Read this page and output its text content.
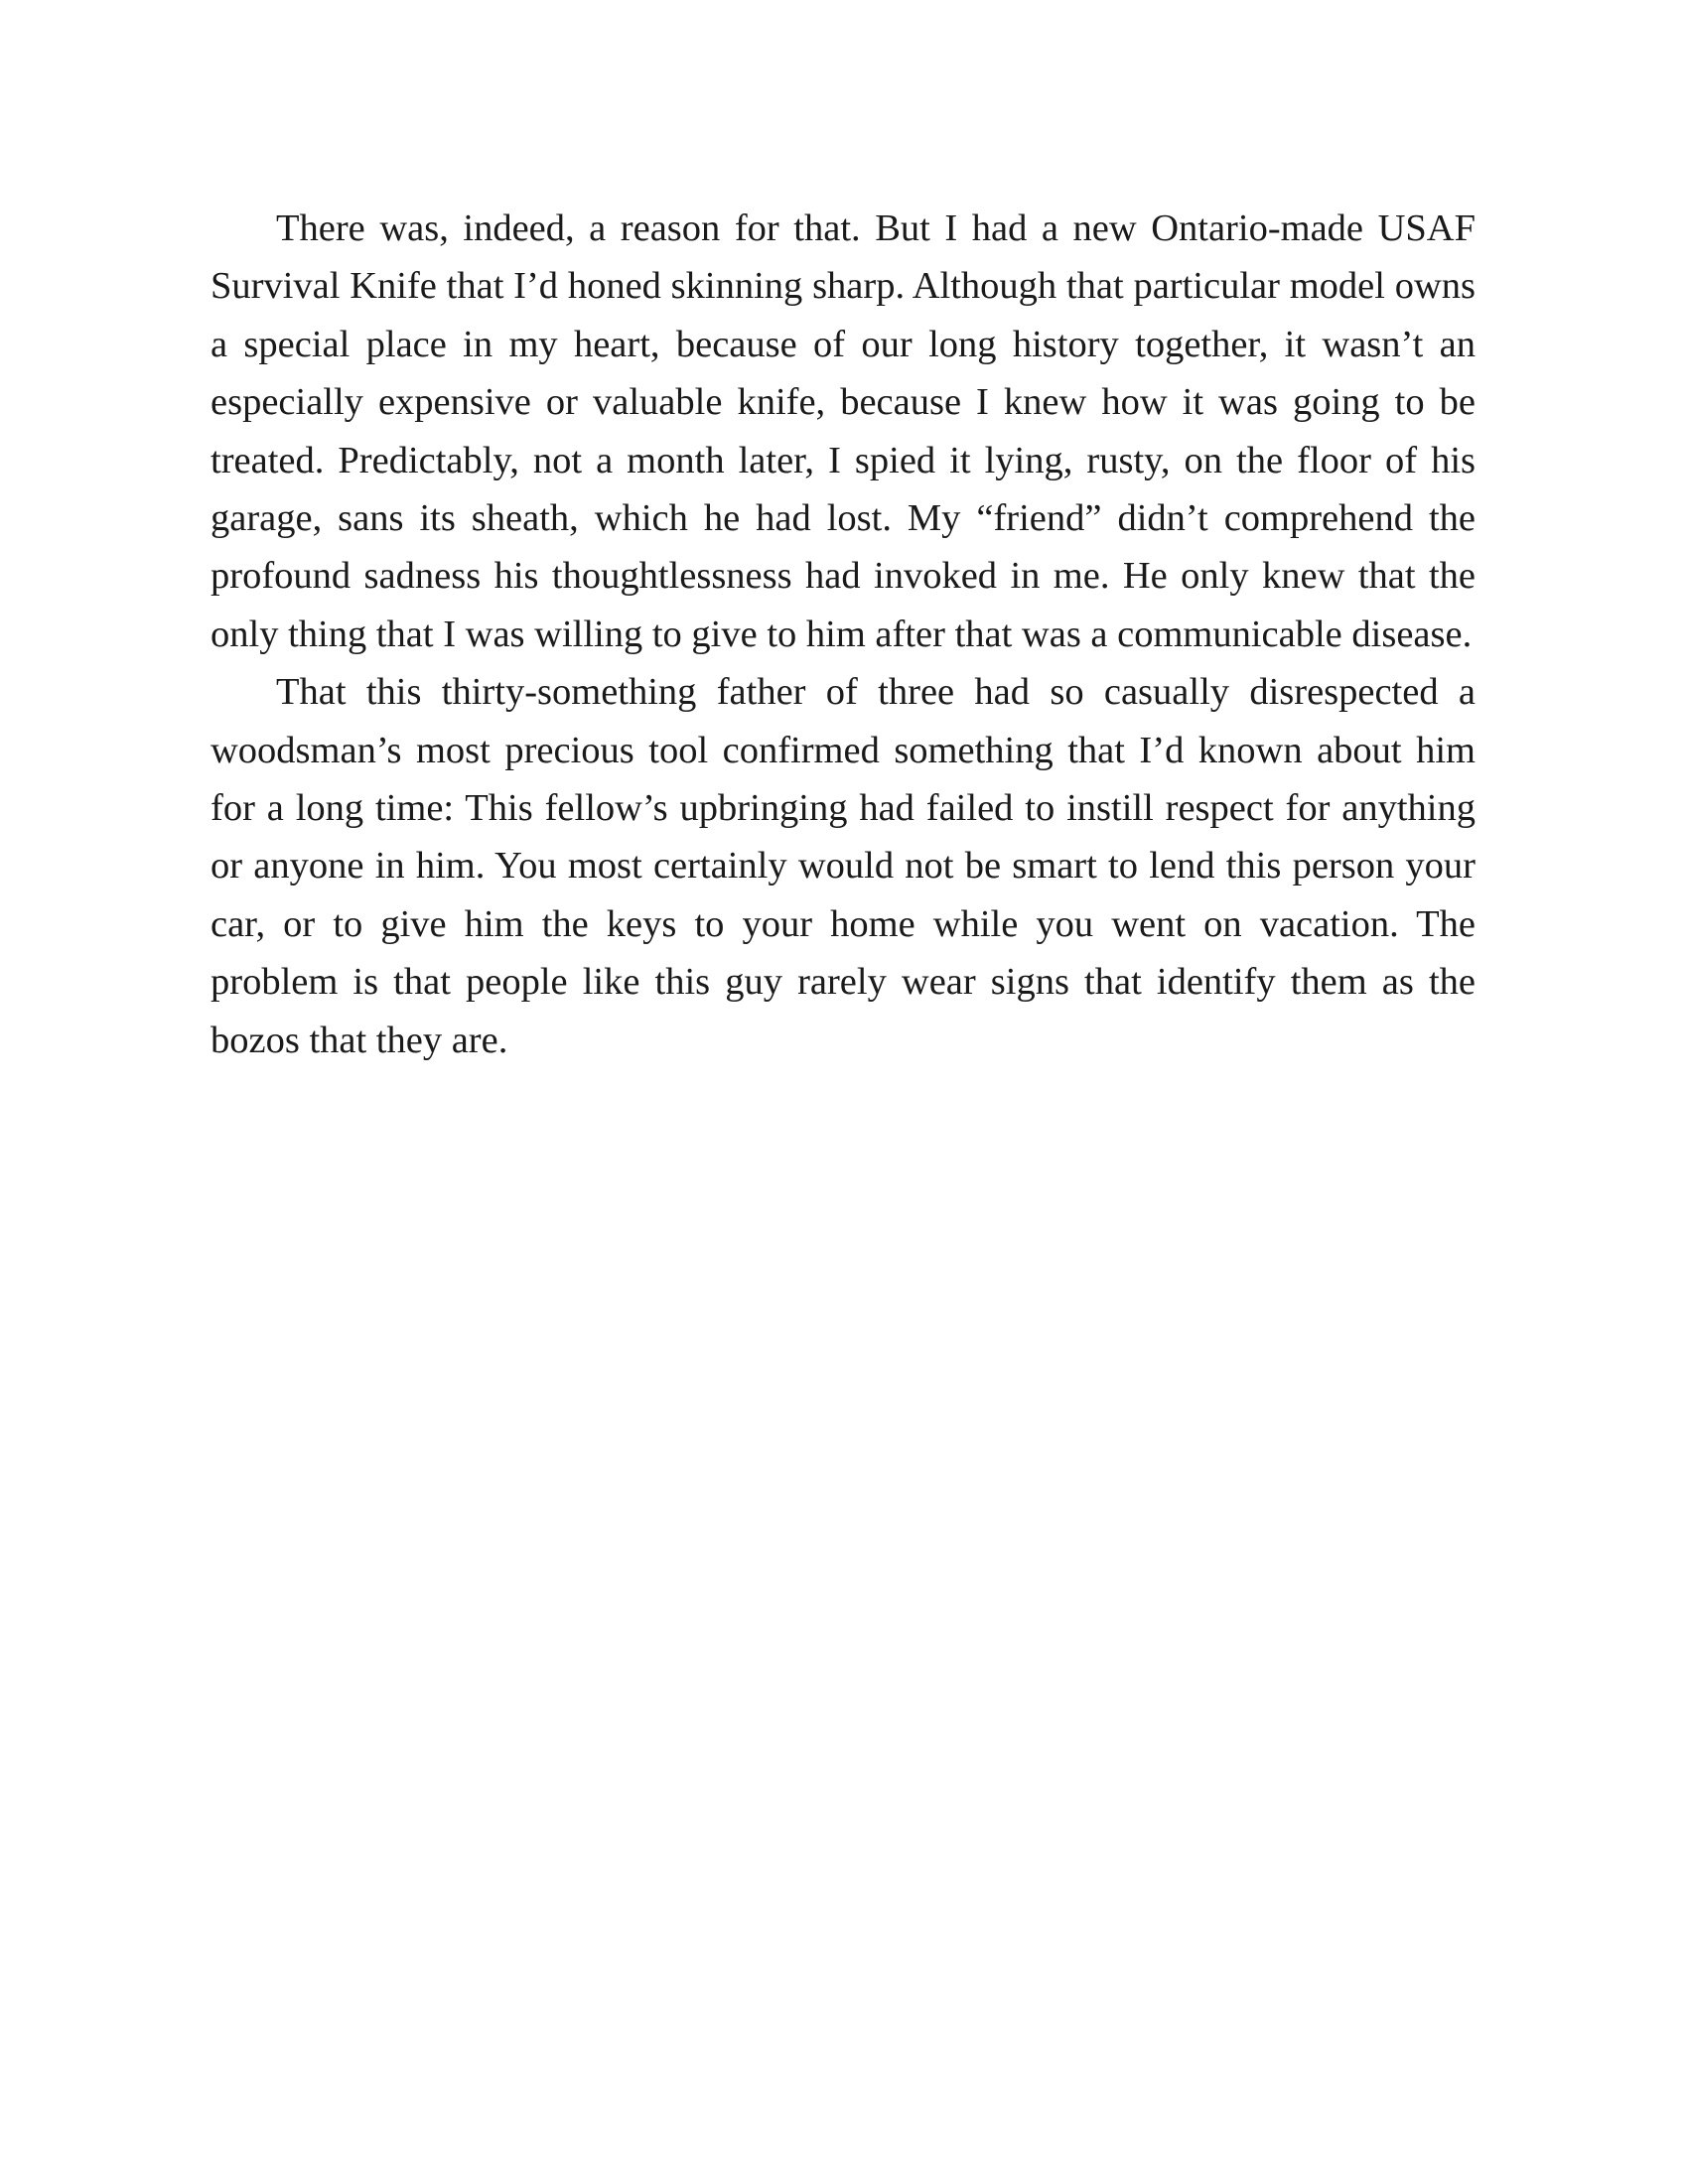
There was, indeed, a reason for that. But I had a new Ontario-made USAF Survival Knife that I’d honed skinning sharp. Although that particular model owns a special place in my heart, because of our long history together, it wasn’t an especially expensive or valuable knife, because I knew how it was going to be treated. Predictably, not a month later, I spied it lying, rusty, on the floor of his garage, sans its sheath, which he had lost. My “friend” didn’t comprehend the profound sadness his thoughtlessness had invoked in me. He only knew that the only thing that I was willing to give to him after that was a communicable disease.

That this thirty-something father of three had so casually disrespected a woodsman’s most precious tool confirmed something that I’d known about him for a long time: This fellow’s upbringing had failed to instill respect for anything or anyone in him. You most certainly would not be smart to lend this person your car, or to give him the keys to your home while you went on vacation. The problem is that people like this guy rarely wear signs that identify them as the bozos that they are.
